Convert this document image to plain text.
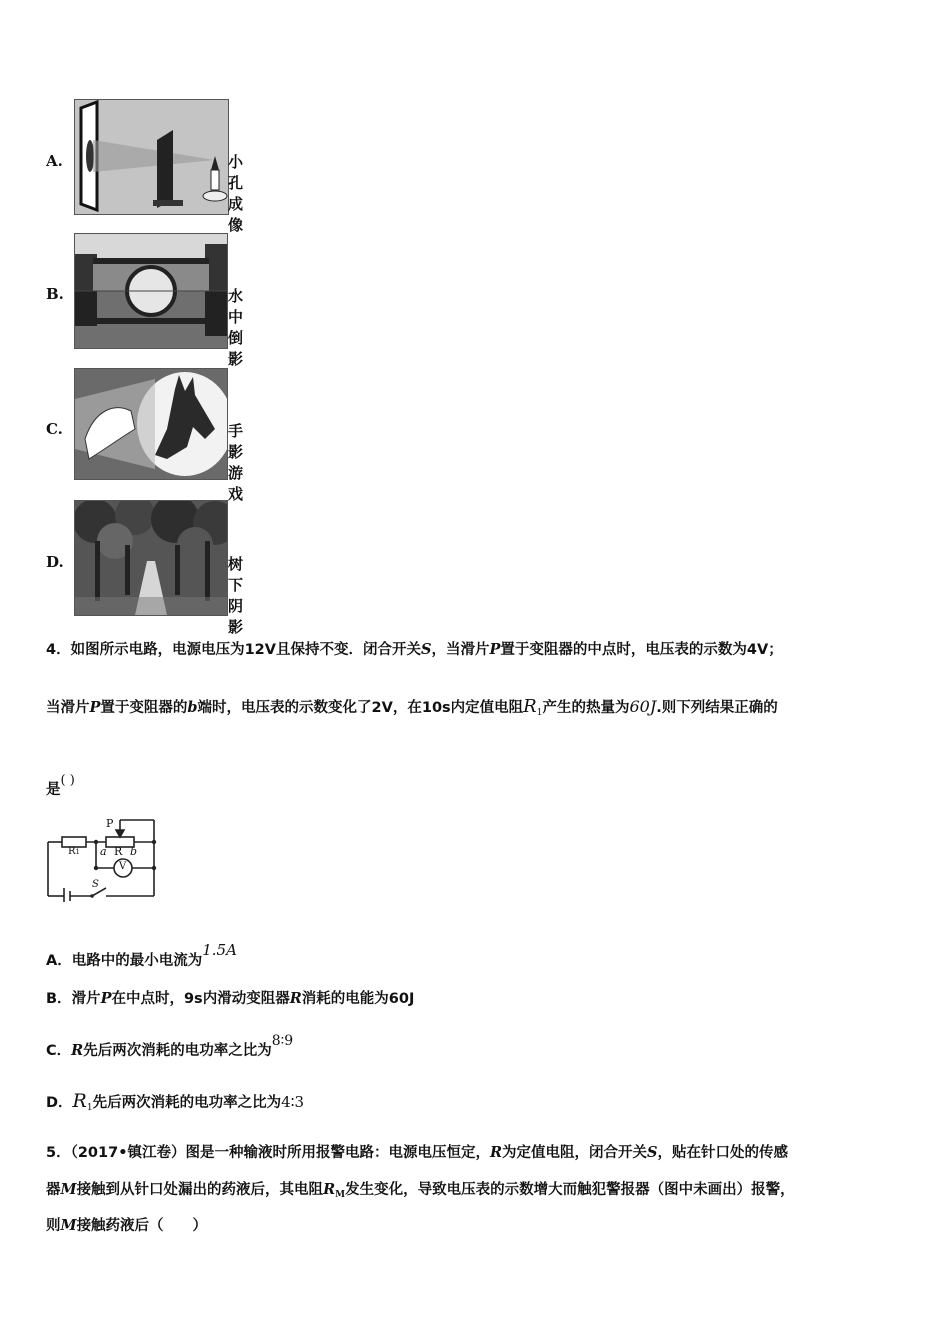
A.	小孔成像
B.	水中倒影
C.	手影游戏
D.	树下阴影
4．如图所示电路，电源电压为12V且保持不变．闭合开关S，当滑片P置于变阻器的中点时，电压表的示数为4V；
当滑片P置于变阻器的b端时，电压表的示数变化了2V，在10s内定值电阻$R_1$产生的热量为60J.则下列结果正确的
是( )
P
R1 a R b
V
S
A．电路中的最小电流为1.5A
B．滑片P在中点时，9s内滑动变阻器R消耗的电能为60J
C．R先后两次消耗的电功率之比为8∶9
D．$R_1$先后两次消耗的电功率之比为4∶3
5．（2017•镇江卷）图是一种输液时所用报警电路：电源电压恒定，R为定值电阻，闭合开关S，贴在针口处的传感
器M接触到从针口处漏出的药液后，其电阻$R_M$发生变化，导致电压表的示数增大而触犯警报器（图中未画出）报警，
则M接触药液后（　　）
